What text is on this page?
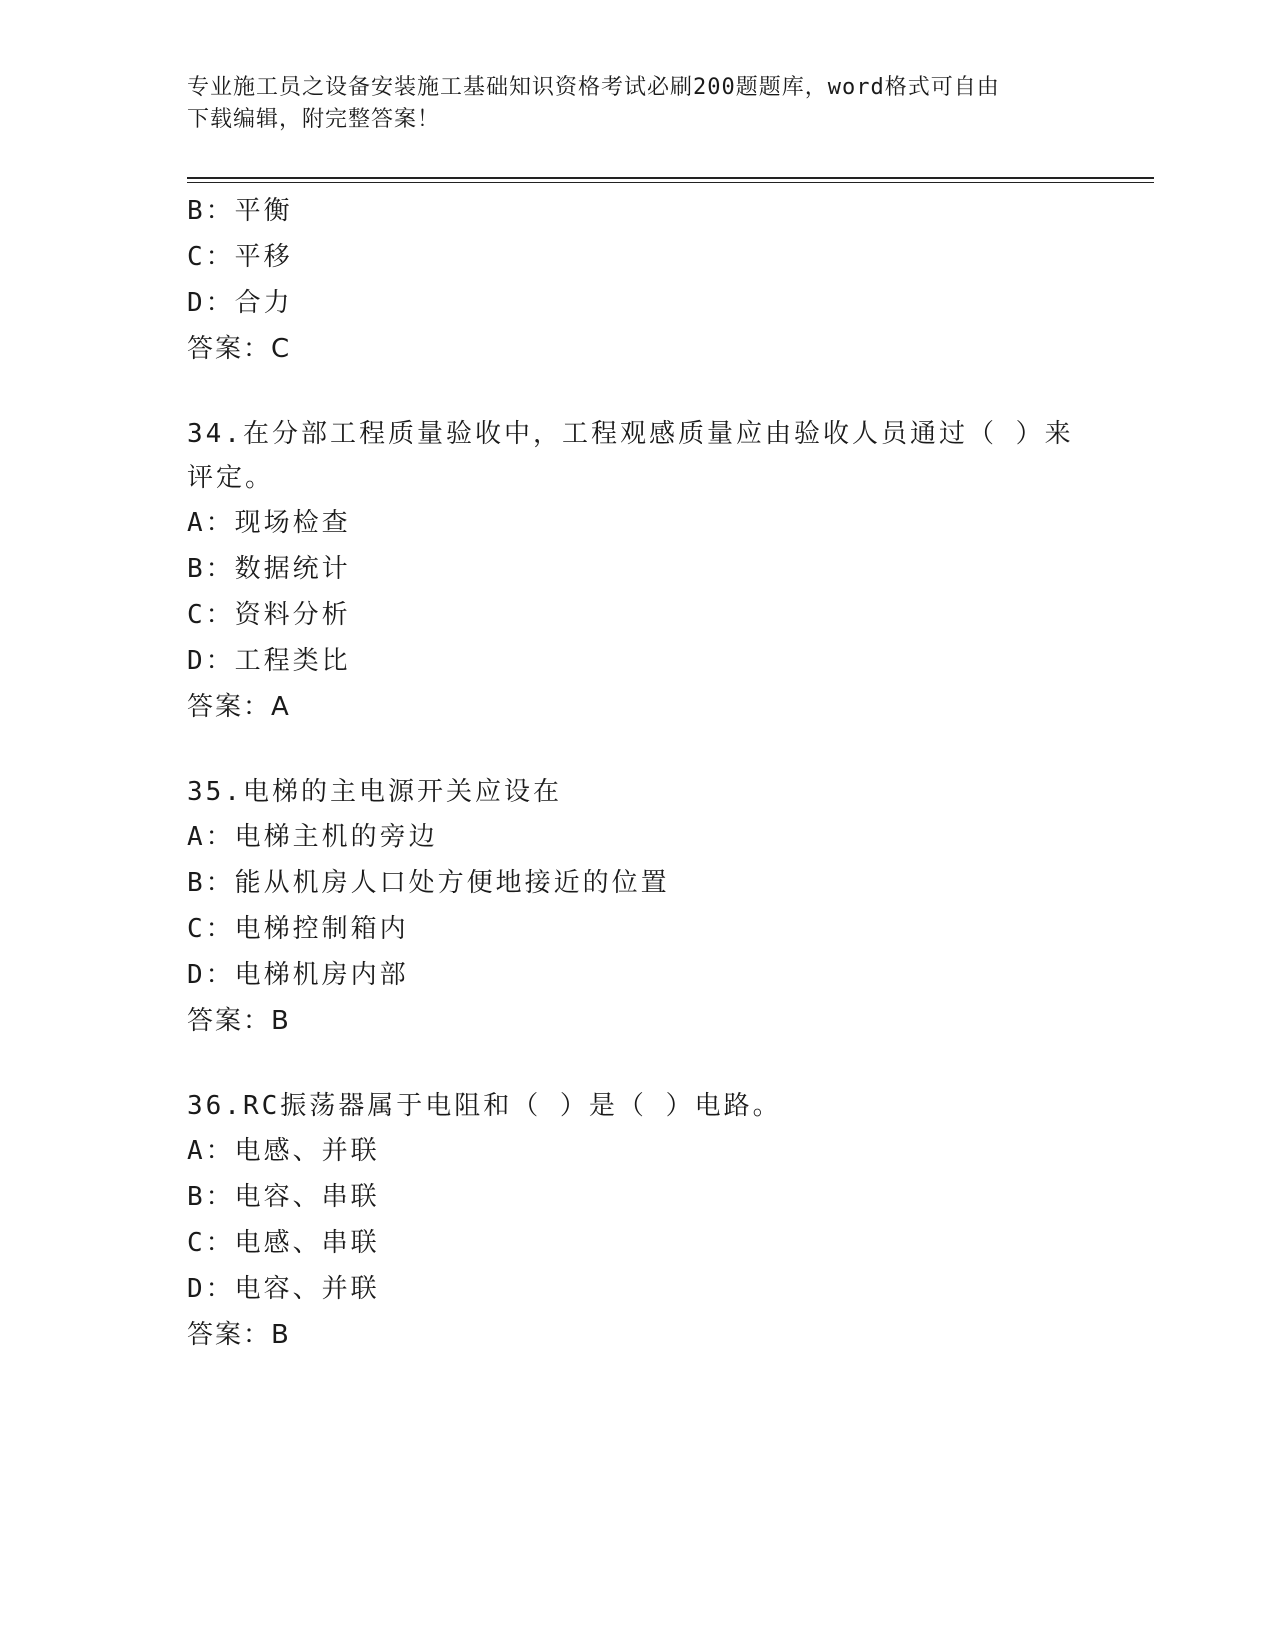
专业施工员之设备安装施工基础知识资格考试必刷200题题库，word格式可自由
下载编辑，附完整答案！
B：平衡
C：平移
D：合力
答案：C
34.在分部工程质量验收中，工程观感质量应由验收人员通过（ ）来
评定。
A：现场检查
B：数据统计
C：资料分析
D：工程类比
答案：A
35.电梯的主电源开关应设在
A：电梯主机的旁边
B：能从机房人口处方便地接近的位置
C：电梯控制箱内
D：电梯机房内部
答案：B
36.RC振荡器属于电阻和（ ）是（ ）电路。
A：电感、并联
B：电容、串联
C：电感、串联
D：电容、并联
答案：B
